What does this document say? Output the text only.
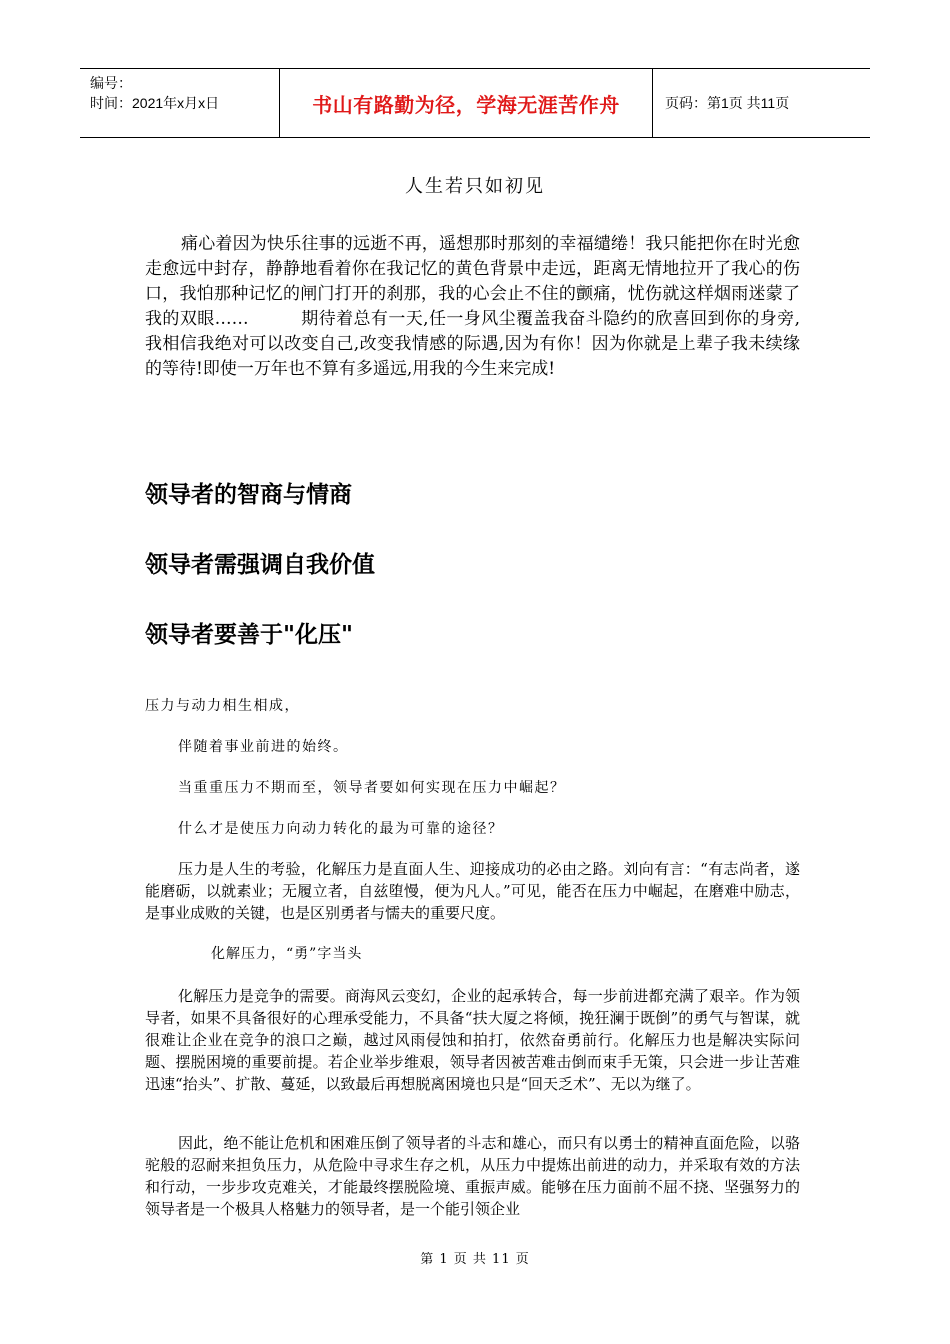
编号：
时间：2021年x月x日	书山有路勤为径，学海无涯苦作舟	页码：第1页 共11页
人生若只如初见
痛心着因为快乐往事的远逝不再，遥想那时那刻的幸福缱绻！我只能把你在时光愈走愈远中封存，静静地看着你在我记忆的黄色背景中走远，距离无情地拉开了我心的伤口，我怕那种记忆的闸门打开的刹那，我的心会止不住的颤痛，忧伤就这样烟雨迷蒙了我的双眼……　　　期待着总有一天,任一身风尘覆盖我奋斗隐约的欣喜回到你的身旁,我相信我绝对可以改变自己,改变我情感的际遇,因为有你！因为你就是上辈子我未续缘的等待!即使一万年也不算有多遥远,用我的今生来完成!
领导者的智商与情商
领导者需强调自我价值
领导者要善于"化压"
压力与动力相生相成，
伴随着事业前进的始终。
当重重压力不期而至，领导者要如何实现在压力中崛起？
什么才是使压力向动力转化的最为可靠的途径？
压力是人生的考验，化解压力是直面人生、迎接成功的必由之路。刘向有言：“有志尚者，遂能磨砺，以就素业；无履立者，自兹堕慢，便为凡人。”可见，能否在压力中崛起，在磨难中励志，是事业成败的关键，也是区别勇者与懦夫的重要尺度。
化解压力，“勇”字当头
化解压力是竞争的需要。商海风云变幻，企业的起承转合，每一步前进都充满了艰辛。作为领导者，如果不具备很好的心理承受能力，不具备“扶大厦之将倾，挽狂澜于既倒”的勇气与智谋，就很难让企业在竞争的浪口之巅，越过风雨侵蚀和拍打，依然奋勇前行。化解压力也是解决实际问题、摆脱困境的重要前提。若企业举步维艰，领导者因被苦难击倒而束手无策，只会进一步让苦难迅速“抬头”、扩散、蔓延，以致最后再想脱离困境也只是“回天乏术”、无以为继了。
因此，绝不能让危机和困难压倒了领导者的斗志和雄心，而只有以勇士的精神直面危险，以骆驼般的忍耐来担负压力，从危险中寻求生存之机，从压力中提炼出前进的动力，并采取有效的方法和行动，一步步攻克难关，才能最终摆脱险境、重振声威。能够在压力面前不屈不挠、坚强努力的领导者是一个极具人格魅力的领导者，是一个能引领企业
第 1 页 共 11 页
